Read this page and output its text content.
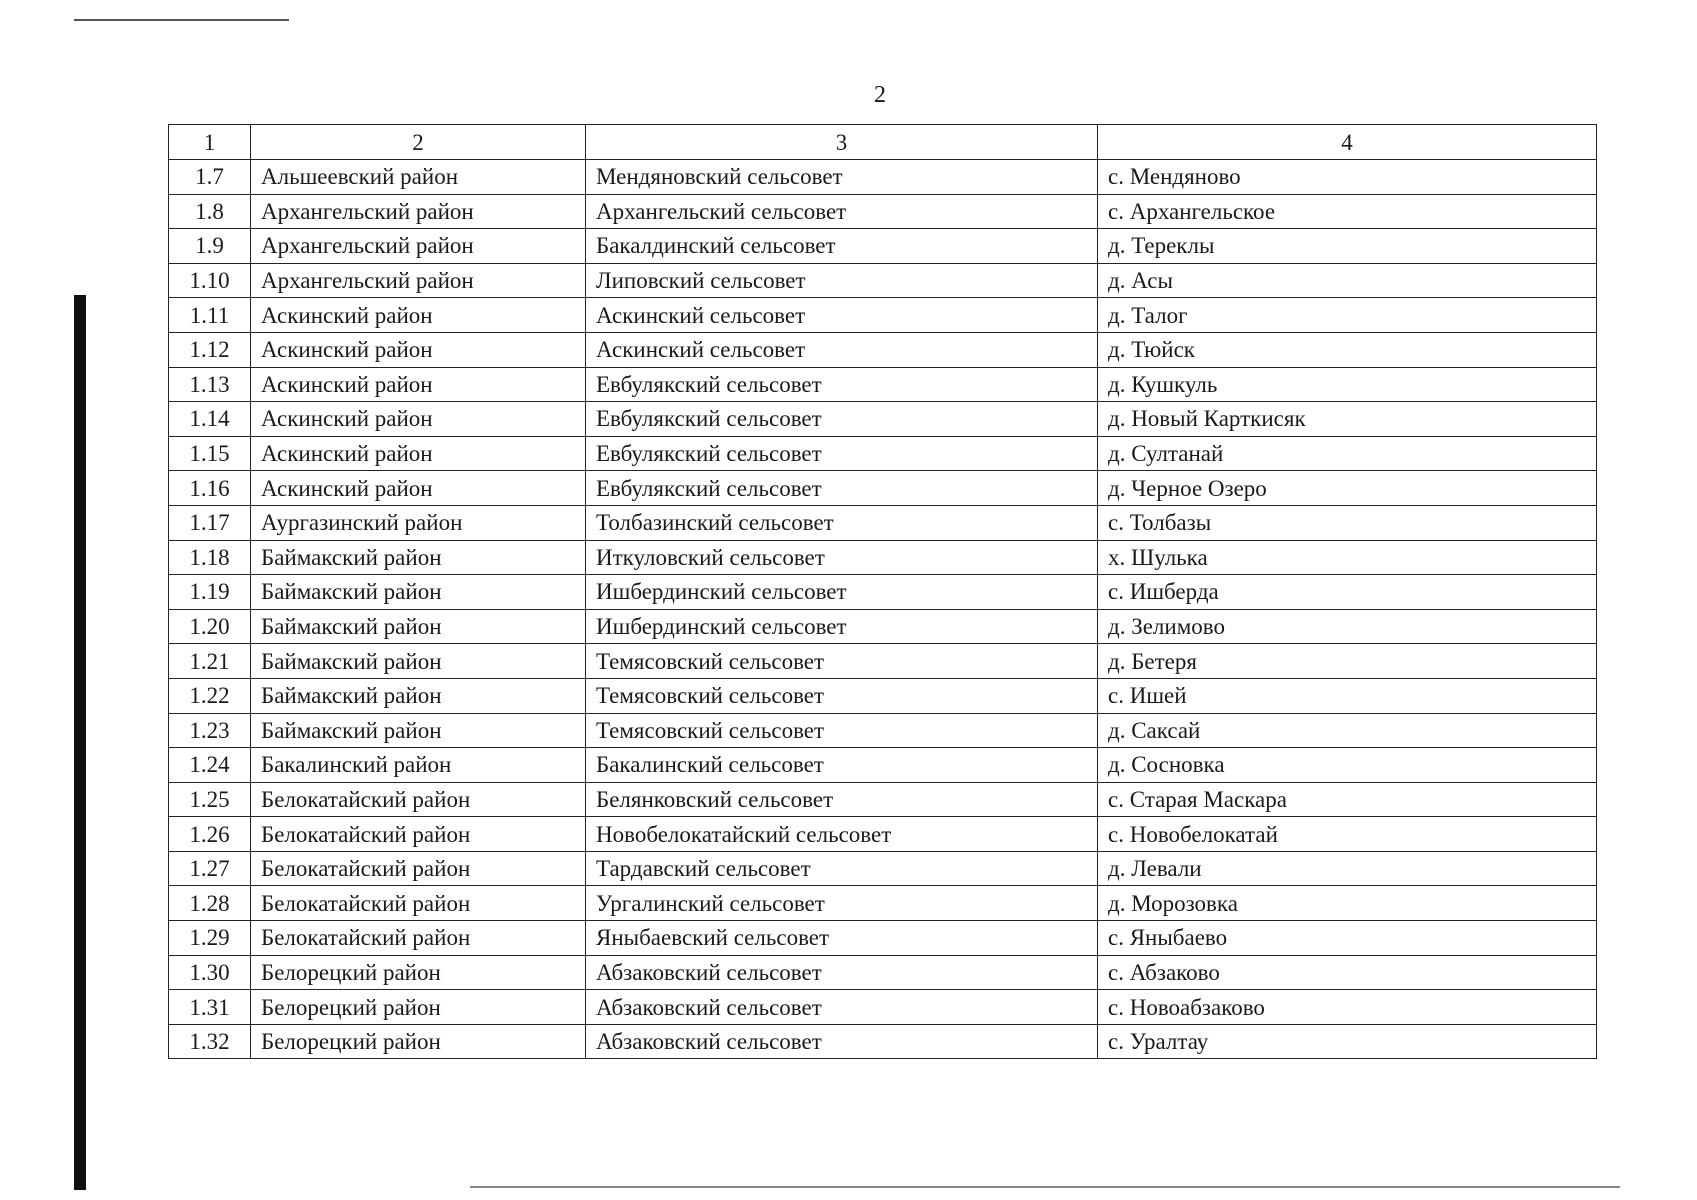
2
1	2	3	4
1.7	Альшеевский район	Мендяновский сельсовет	с. Мендяново
1.8	Архангельский район	Архангельский сельсовет	с. Архангельское
1.9	Архангельский район	Бакалдинский сельсовет	д. Тереклы
1.10	Архангельский район	Липовский сельсовет	д. Асы
1.11	Аскинский район	Аскинский сельсовет	д. Талог
1.12	Аскинский район	Аскинский сельсовет	д. Тюйск
1.13	Аскинский район	Евбулякский сельсовет	д. Кушкуль
1.14	Аскинский район	Евбулякский сельсовет	д. Новый Карткисяк
1.15	Аскинский район	Евбулякский сельсовет	д. Султанай
1.16	Аскинский район	Евбулякский сельсовет	д. Черное Озеро
1.17	Аургазинский район	Толбазинский сельсовет	с. Толбазы
1.18	Баймакский район	Иткуловский сельсовет	х. Шулька
1.19	Баймакский район	Ишбердинский сельсовет	с. Ишберда
1.20	Баймакский район	Ишбердинский сельсовет	д. Зелимово
1.21	Баймакский район	Темясовский сельсовет	д. Бетеря
1.22	Баймакский район	Темясовский сельсовет	с. Ишей
1.23	Баймакский район	Темясовский сельсовет	д. Саксай
1.24	Бакалинский район	Бакалинский сельсовет	д. Сосновка
1.25	Белокатайский район	Белянковский сельсовет	с. Старая Маскара
1.26	Белокатайский район	Новобелокатайский сельсовет	с. Новобелокатай
1.27	Белокатайский район	Тардавский сельсовет	д. Левали
1.28	Белокатайский район	Ургалинский сельсовет	д. Морозовка
1.29	Белокатайский район	Яныбаевский сельсовет	с. Яныбаево
1.30	Белорецкий район	Абзаковский сельсовет	с. Абзаково
1.31	Белорецкий район	Абзаковский сельсовет	с. Новоабзаково
1.32	Белорецкий район	Абзаковский сельсовет	с. Уралтау
